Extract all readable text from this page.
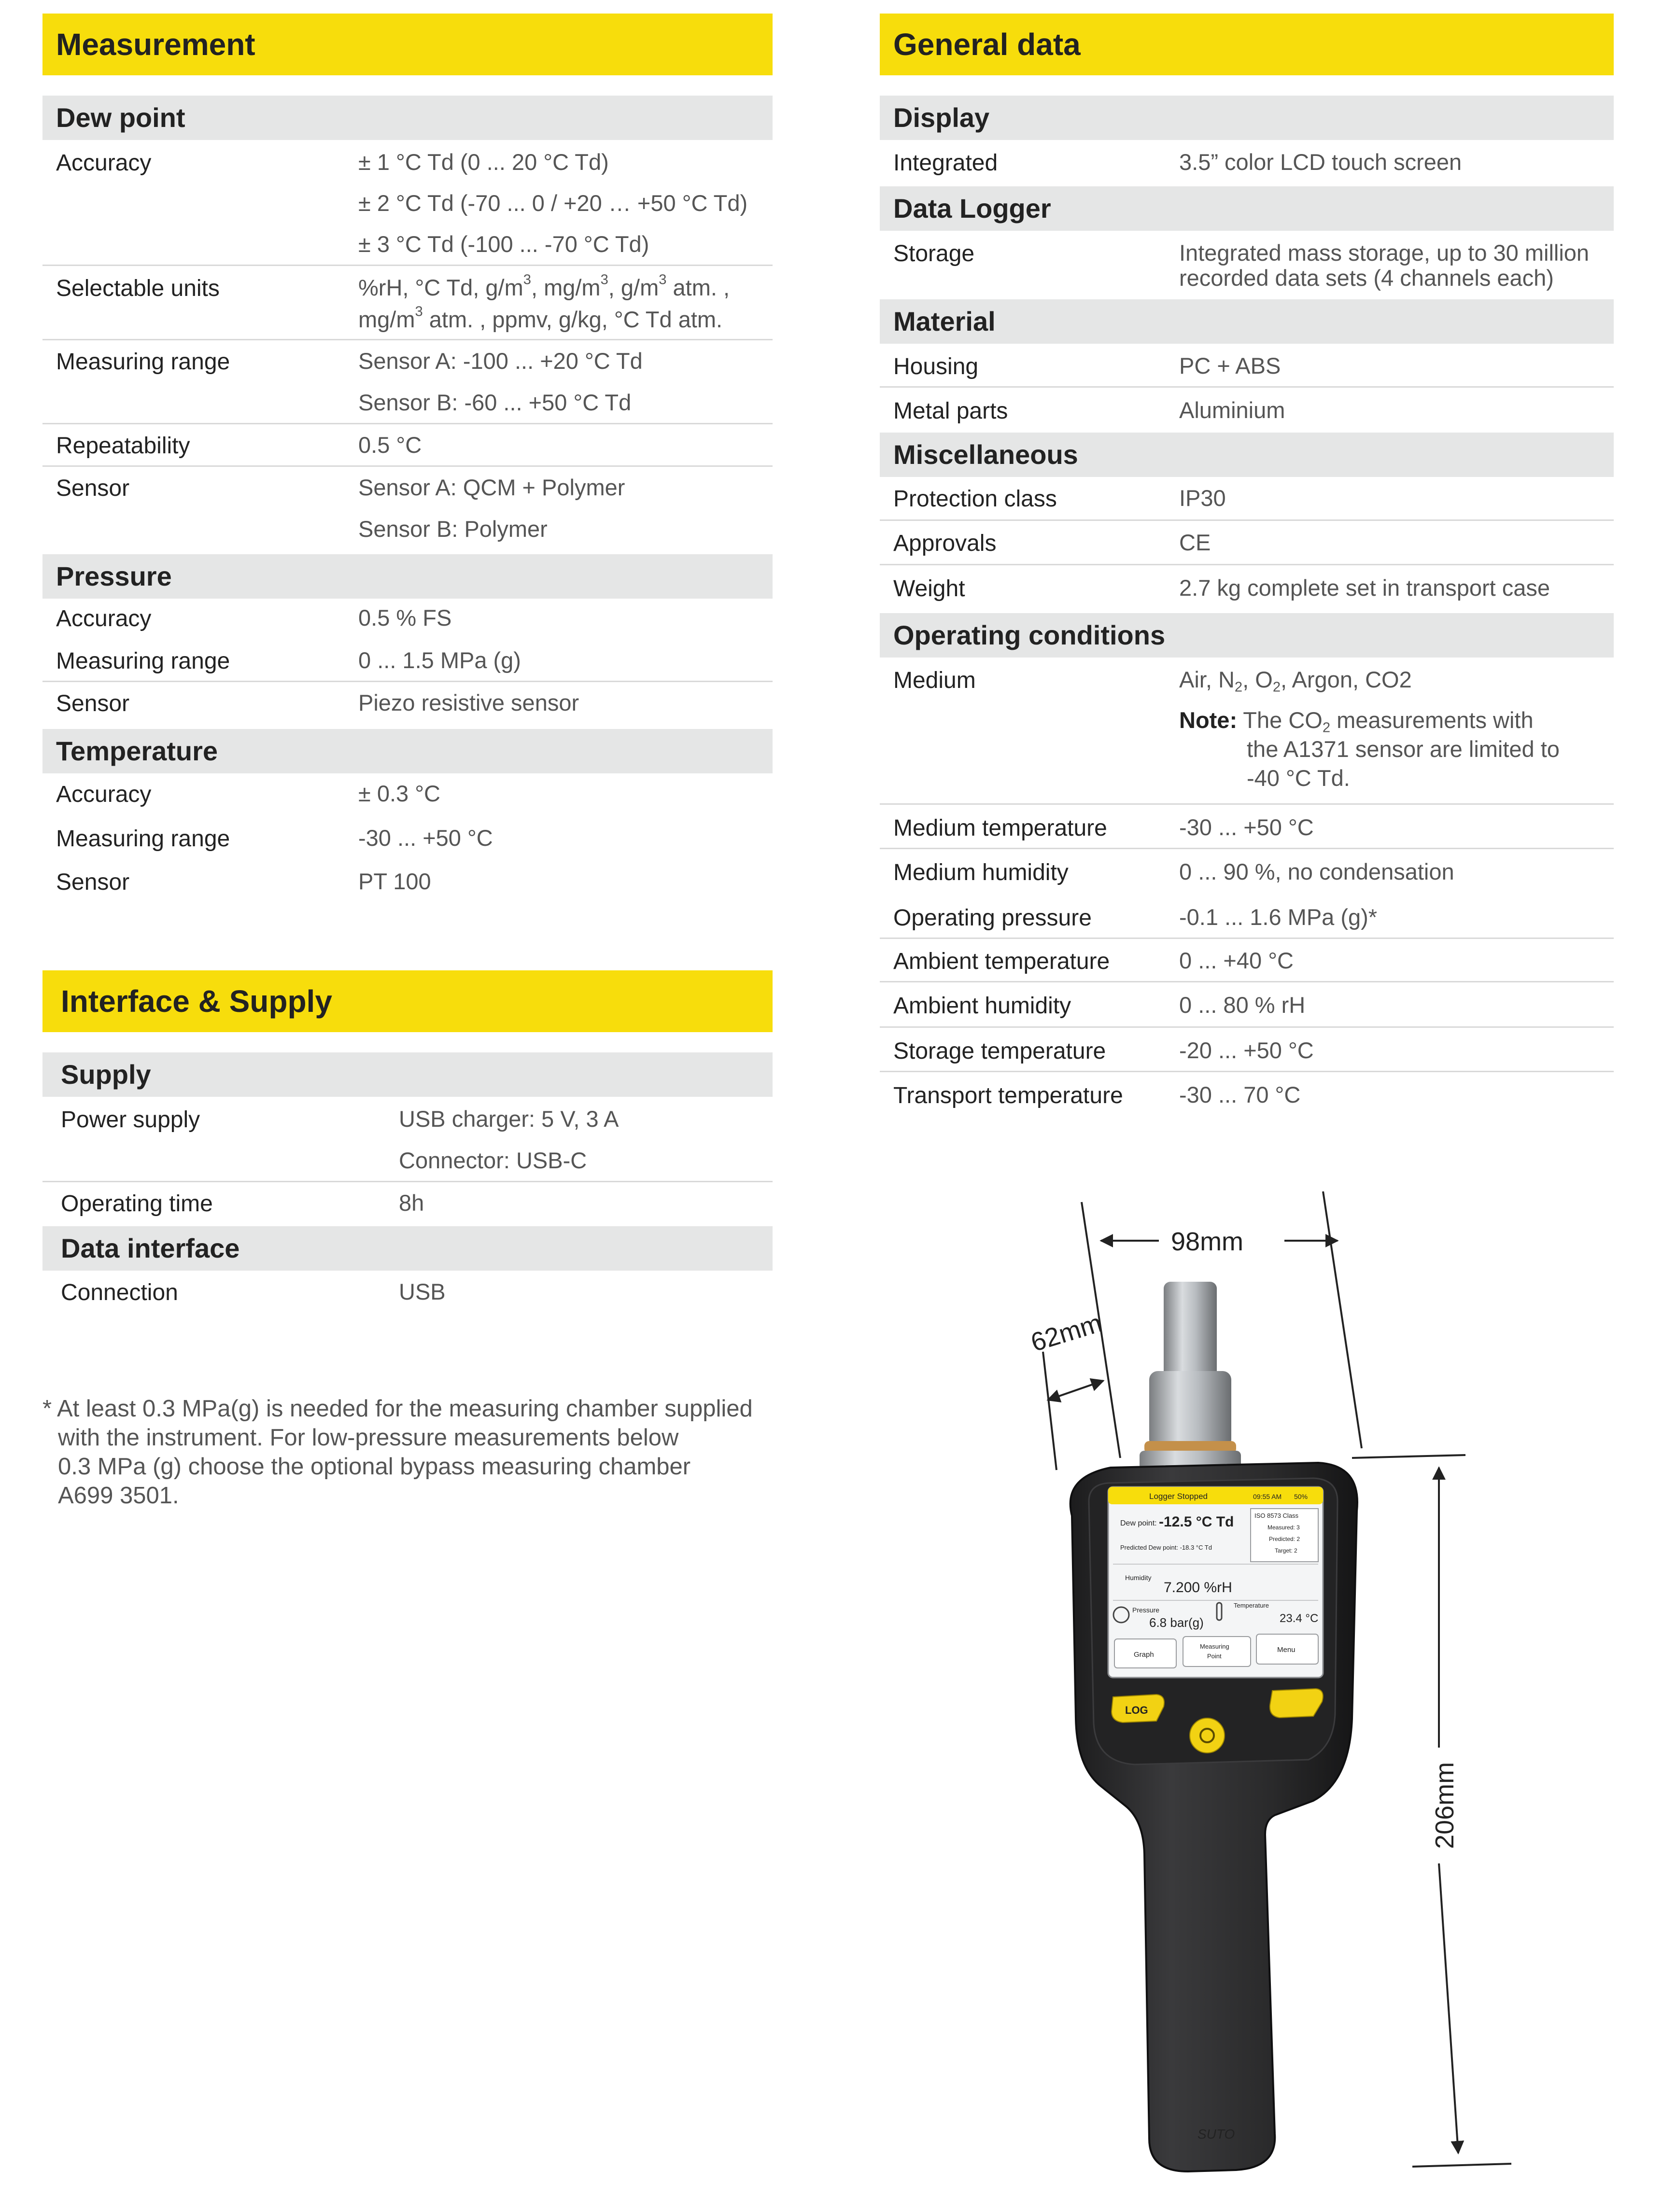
Measurement
Dew point
Accuracy	± 1 °C Td (0 ... 20 °C Td)
± 2 °C Td (-70 ... 0 / +20 … +50 °C Td)
± 3 °C Td (-100 ... -70 °C Td)
Selectable units	%rH, °C Td, $g/m^3$, $mg/m^3$, $g/m^3$ atm. ,
$mg/m^3$ atm. , ppmv, g/kg, °C Td atm.
Measuring range	Sensor A: -100 ... +20 °C Td
Sensor B: -60 ... +50 °C Td
Repeatability	0.5 °C
Sensor	Sensor A: QCM + Polymer
Sensor B: Polymer
Pressure
Accuracy	0.5 % FS
Measuring range	0 ... 1.5 MPa (g)
Sensor	Piezo resistive sensor
Temperature
Accuracy	± 0.3 °C
Measuring range	-30 ... +50 °C
Sensor	PT 100
Interface & Supply
Supply
Power supply	USB charger: 5 V, 3 A
Connector: USB-C
Operating time	8h
Data interface
Connection	USB
* At least 0.3 MPa(g) is needed for the measuring chamber supplied
with the instrument. For low-pressure measurements below
0.3 MPa (g) choose the optional bypass measuring chamber
A699 3501.
General data
Display
Integrated	3.5” color LCD touch screen
Data Logger
Storage	Integrated mass storage, up to 30 million
recorded data sets (4 channels each)
Material
Housing	PC + ABS
Metal parts	Aluminium
Miscellaneous
Protection class	IP30
Approvals	CE
Weight	2.7 kg complete set in transport case
Operating conditions
Medium	Air, $N_2$, $O_2$, Argon, CO2
Note: The $CO_2$ measurements with
the A1371 sensor are limited to
-40 °C Td.
Medium temperature	-30 ... +50 °C
Medium humidity	0 ... 90 %, no condensation
Operating pressure	-0.1 ... 1.6 MPa (g)*
Ambient temperature	0 ... +40 °C
Ambient humidity	0 ... 80 % rH
Storage temperature	-20 ... +50 °C
Transport temperature -30 ... 70 °C
98mm
62mm
206mm
Logger Stopped	09:55 AM 50%
Dew point: -12.5 °C Td
Predicted Dew point: -18.3 °C Td
ISO 8573 Class
Measured: 3
Predicted: 2
Target: 2
Humidity
7.200 %rH
Pressure
6.8 bar(g)
Temperature
23.4 °C
Graph
Measuring
Point
Menu
LOG
SUTO
